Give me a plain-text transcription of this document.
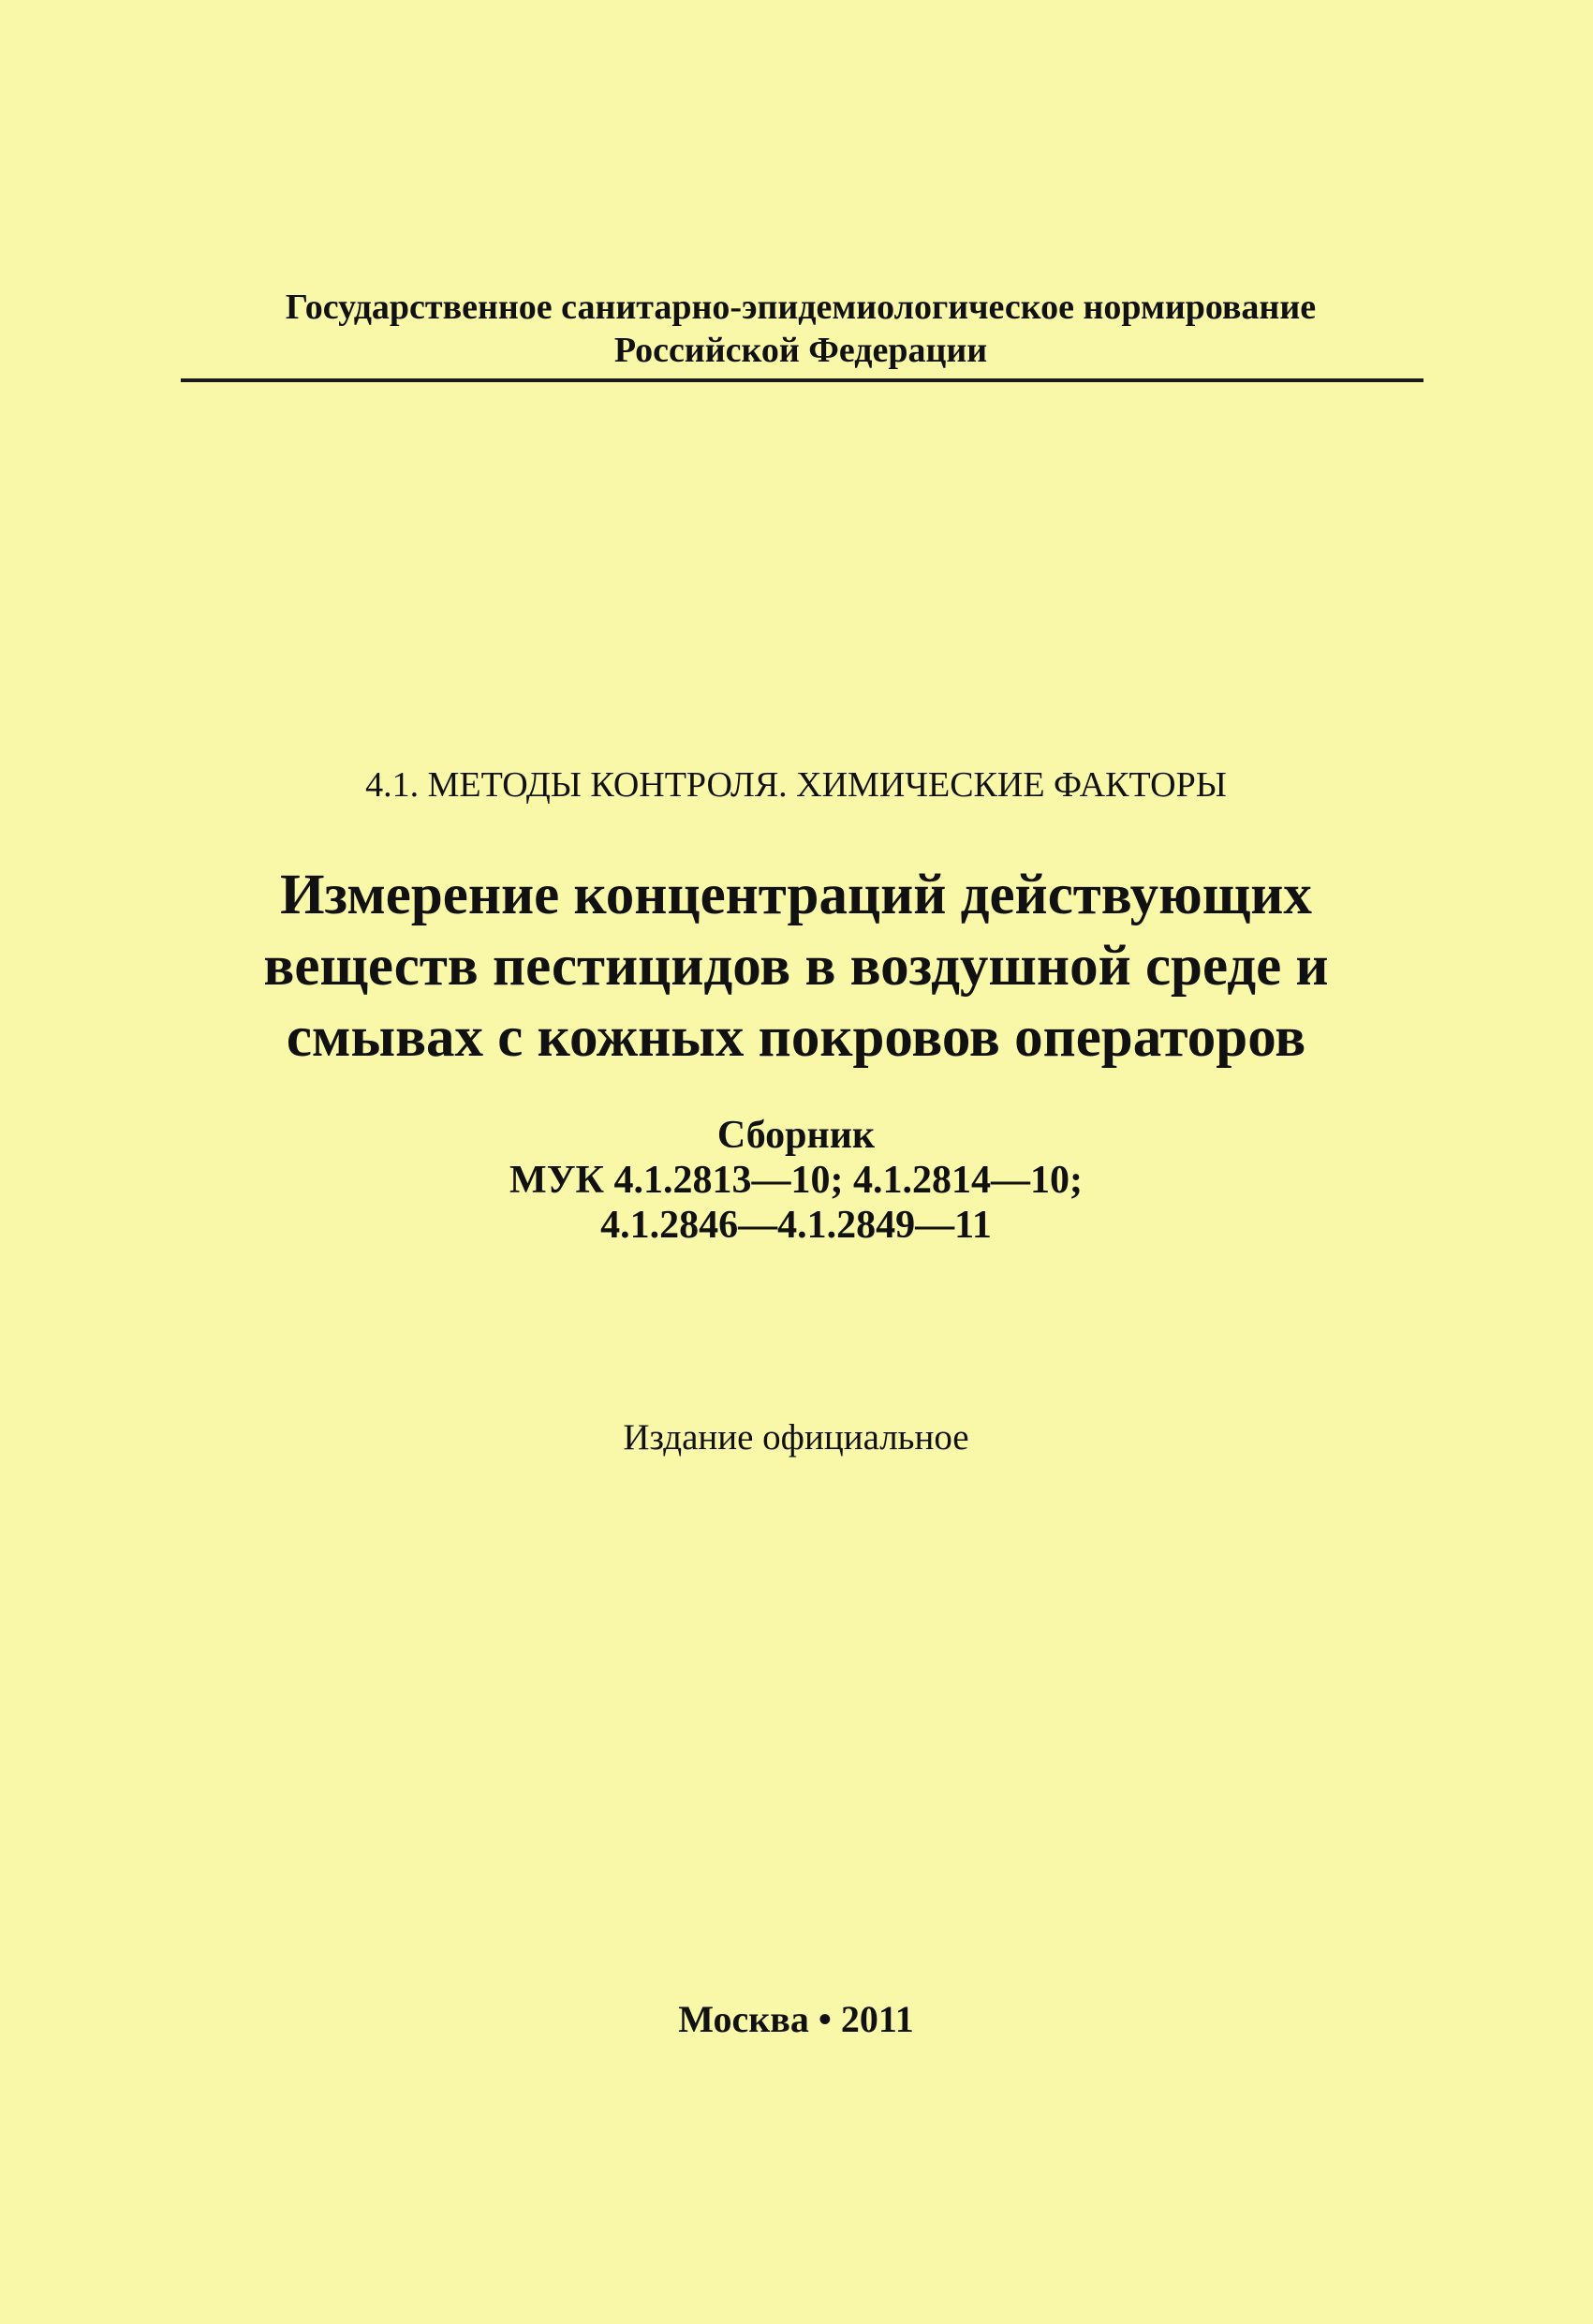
Государственное санитарно-эпидемиологическое нормирование
Российской Федерации
4.1. МЕТОДЫ КОНТРОЛЯ. ХИМИЧЕСКИЕ ФАКТОРЫ
Измерение концентраций действующих
веществ пестицидов в воздушной среде и
смывах с кожных покровов операторов
Сборник
МУК 4.1.2813—10; 4.1.2814—10;
4.1.2846—4.1.2849—11
Издание официальное
Москва • 2011
